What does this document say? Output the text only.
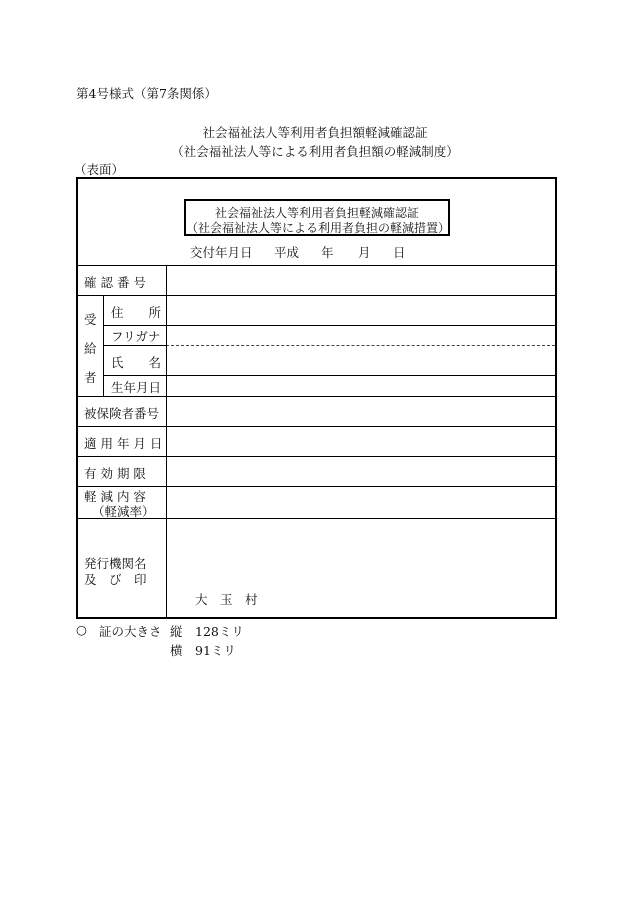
第4号様式（第7条関係）
社会福祉法人等利用者負担額軽減確認証
（社会福祉法人等による利用者負担額の軽減制度）
（表面）
社会福祉法人等利用者負担軽減確認証
（社会福祉法人等による利用者負担の軽減措置）
交付年月日 平成 年 月 日
確 認 番 号
受
給
者
住　　所
フリガナ
氏　　名
生年月日
被保険者番号
適 用 年 月 日
有 効 期 限
軽 減 内 容
（軽減率）
発行機関名
及　び　印
大　玉　村
○ 証の大きさ 縦 128ミリ
横 91ミリ
